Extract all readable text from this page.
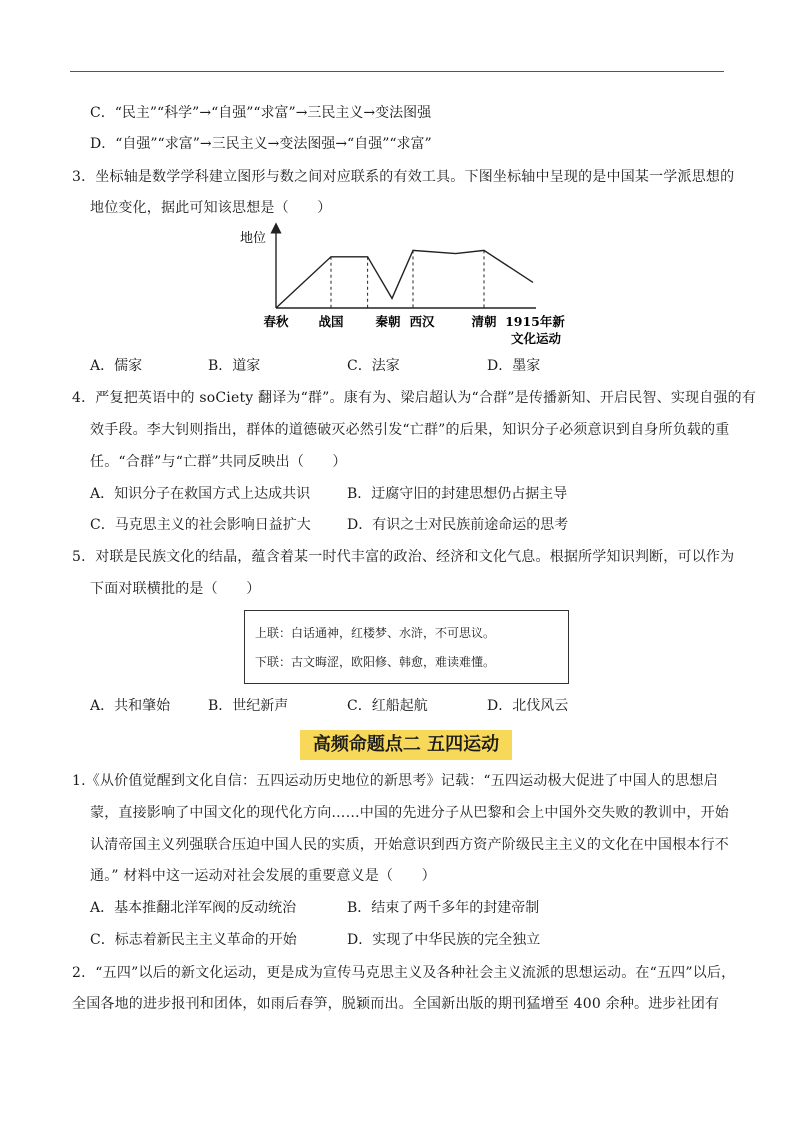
C．“民主”“科学”→“自强”“求富”→三民主义→变法图强
D．“自强”“求富”→三民主义→变法图强→“自强”“求富”
3．坐标轴是数学学科建立图形与数之间对应联系的有效工具。下图坐标轴中呈现的是中国某一学派思想的
地位变化，据此可知该思想是（　　）
地位
春秋 战国	秦朝 西汉	清朝 1915年新
文化运动
A．儒家	B．道家	C．法家	D．墨家
4．严复把英语中的 soCiety 翻译为“群”。康有为、梁启超认为“合群”是传播新知、开启民智、实现自强的有
效手段。李大钊则指出，群体的道德破灭必然引发“亡群”的后果，知识分子必须意识到自身所负载的重
任。“合群”与“亡群”共同反映出（　　）
A．知识分子在救国方式上达成共识	B．迂腐守旧的封建思想仍占据主导
C．马克思主义的社会影响日益扩大	D．有识之士对民族前途命运的思考
5．对联是民族文化的结晶，蕴含着某一时代丰富的政治、经济和文化气息。根据所学知识判断，可以作为
下面对联横批的是（　　）
上联：白话通神，红楼梦、水浒，不可思议。
下联：古文晦涩，欧阳修、韩愈，难读难懂。
A．共和肇始	B．世纪新声	C．红船起航	D．北伐风云
高频命题点二 五四运动
1.《从价值觉醒到文化自信：五四运动历史地位的新思考》记载：“五四运动极大促进了中国人的思想启
蒙，直接影响了中国文化的现代化方向……中国的先进分子从巴黎和会上中国外交失败的教训中，开始
认清帝国主义列强联合压迫中国人民的实质，开始意识到西方资产阶级民主主义的文化在中国根本行不
通。” 材料中这一运动对社会发展的重要意义是（　　）
A．基本推翻北洋军阀的反动统治	B．结束了两千多年的封建帝制
C．标志着新民主主义革命的开始	D．实现了中华民族的完全独立
2．“五四”以后的新文化运动，更是成为宣传马克思主义及各种社会主义流派的思想运动。在“五四”以后，
全国各地的进步报刊和团体，如雨后春笋，脱颖而出。全国新出版的期刊猛增至 400 余种。进步社团有
